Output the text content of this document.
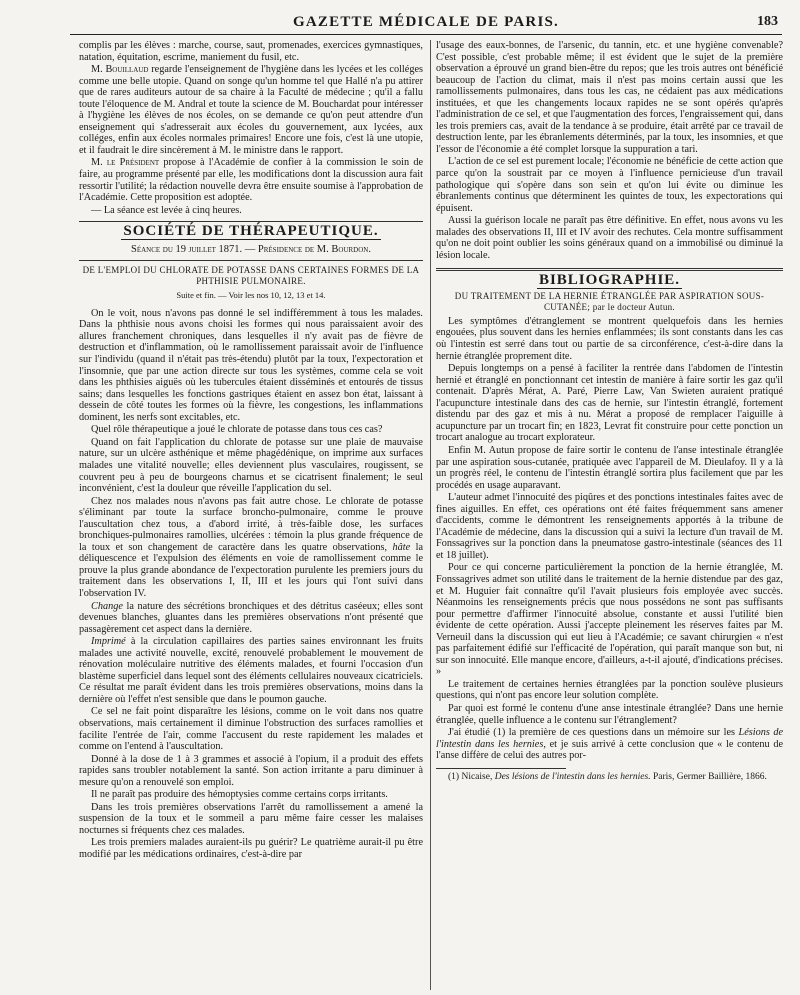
GAZETTE MÉDICALE DE PARIS.	183

complis par les élèves : marche, course, saut, promenades, exercices gymnastiques, natation, équitation, escrime, maniement du fusil, etc.

M. Bouillaud regarde l'enseignement de l'hygiène dans les lycées et les colléges comme une belle utopie. Quand on songe qu'un homme tel que Hallé n'a pu attirer que de rares auditeurs autour de sa chaire à la Faculté de médecine ; qu'il a fallu toute l'éloquence de M. Andral et toute la science de M. Bouchardat pour intéresser à l'hygiène les élèves de nos écoles, on se demande ce qu'on peut attendre d'un enseignement qui s'adresserait aux écoles du gouvernement, aux lycées, aux colléges, enfin aux écoles normales primaires! Encore une fois, c'est là une utopie, et il faudrait le dire sincèrement à M. le ministre dans le rapport.

M. le Président propose à l'Académie de confier à la commission le soin de faire, au programme présenté par elle, les modifications dont la discussion aura fait ressortir l'utilité; la rédaction nouvelle devra être ensuite soumise à l'approbation de l'Académie. Cette proposition est adoptée.

— La séance est levée à cinq heures.

SOCIÉTÉ DE THÉRAPEUTIQUE.
Séance du 19 juillet 1871. — Présidence de M. Bourdon.
DE L'EMPLOI DU CHLORATE DE POTASSE DANS CERTAINES FORMES DE LA PHTHISIE PULMONAIRE.
Suite et fin. — Voir les nos 10, 12, 13 et 14.

On le voit, nous n'avons pas donné le sel indifféremment à tous les malades. Dans la phthisie nous avons choisi les formes qui nous paraissaient avoir des allures franchement chroniques, dans lesquelles il n'y avait pas de fièvre de destruction et d'inflammation, où le ramollissement paraissait avoir de l'influence sur l'individu (quand il n'était pas très-étendu) plutôt par la toux, l'expectoration et l'insomnie, que par une action directe sur tous les systèmes, comme cela se voit dans les phthisies aiguës où les tubercules étaient disséminés et entourés de tissus sains; dans lesquelles les fonctions gastriques étaient en assez bon état, laissant à dessein de côté toutes les formes où la fièvre, les congestions, les inflammations dominent, les nerfs sont excitables, etc.

Quel rôle thérapeutique a joué le chlorate de potasse dans tous ces cas?

Quand on fait l'application du chlorate de potasse sur une plaie de mauvaise nature, sur un ulcère asthénique et même phagédénique, on imprime aux surfaces malades une vitalité nouvelle; elles deviennent plus vasculaires, rougissent, se couvrent peu à peu de bourgeons charnus et se cicatrisent finalement; le seul inconvénient, c'est la douleur que réveille l'application du sel.

Chez nos malades nous n'avons pas fait autre chose. Le chlorate de potasse s'éliminant par toute la surface broncho-pulmonaire, comme le prouve l'auscultation chez tous, a d'abord irrité, à très-faible dose, les surfaces bronchiques-pulmonaires ramollies, ulcérées : témoin la plus grande fréquence de la toux et son changement de caractère dans les quatre observations, hâte la déliquescence et l'expulsion des éléments en voie de ramollissement comme le prouve la plus grande abondance de l'expectoration purulente les premiers jours du traitement dans les observations I, II, III et les jours qui l'ont suivi dans l'observation IV.

Change la nature des sécrétions bronchiques et des détritus caséeux; elles sont devenues blanches, gluantes dans les premières observations n'ont présenté que passagèrement cet aspect dans la dernière.

Imprimé à la circulation capillaires des parties saines environnant les fruits malades une activité nouvelle, excité, renouvelé probablement le mouvement de rénovation moléculaire nutritive des éléments malades, et fourni l'occasion d'un blastème superficiel dans lequel sont des éléments cellulaires nouveaux cicatriciels. Ce résultat me paraît évident dans les trois premières observations, moins dans la dernière où l'effet n'est sensible que dans le poumon gauche.

Ce sel ne fait point disparaître les lésions, comme on le voit dans nos quatre observations, mais certainement il diminue l'obstruction des surfaces ramollies et facilite l'entrée de l'air, comme l'accusent du reste rapidement les malades et comme on l'entend à l'auscultation.

Donné à la dose de 1 à 3 grammes et associé à l'opium, il a produit des effets rapides sans troubler notablement la santé. Son action irritante a paru diminuer à mesure qu'on a renouvelé son emploi.

Il ne paraît pas produire des hémoptysies comme certains corps irritants.

Dans les trois premières observations l'arrêt du ramollissement a amené la suspension de la toux et le sommeil a paru même faire cesser les malaises nocturnes si fréquents chez ces malades.

Les trois premiers malades auraient-ils pu guérir? Le quatrième aurait-il pu être modifié par les médications ordinaires, c'est-à-dire par

l'usage des eaux-bonnes, de l'arsenic, du tannin, etc. et une hygiène convenable? C'est possible, c'est probable même; il est évident que le sujet de la première observation a éprouvé un grand bien-être du repos; que les trois autres ont bénéficié beaucoup de l'action du climat, mais il n'est pas moins certain aussi que les ramollissements pulmonaires, dans tous les cas, ne cédaient pas aux médications instituées, et que les changements locaux rapides ne se sont opérés qu'après l'administration de ce sel, et que l'augmentation des forces, l'engraissement qui, dans les trois premiers cas, avait de la tendance à se produire, était arrêté par ce travail de destruction lente, par les ébranlements déterminés, par la toux, les insomnies, et que l'essor de l'économie a été complet lorsque la suppuration a tari.

L'action de ce sel est purement locale; l'économie ne bénéficie de cette action que parce qu'on la soustrait par ce moyen à l'influence pernicieuse d'un travail pathologique qui s'opère dans son sein et qu'on lui évite ou diminue les ébranlements continus que déterminent les quintes de toux, les expectorations qui épuisent.

Aussi la guérison locale ne paraît pas être définitive. En effet, nous avons vu les malades des observations II, III et IV avoir des rechutes. Cela montre suffisamment qu'on ne doit point oublier les soins généraux quand on a immobilisé ou diminué la lésion locale.

BIBLIOGRAPHIE.
DU TRAITEMENT DE LA HERNIE ÉTRANGLÉE PAR ASPIRATION SOUS-CUTANÉE; par le docteur Autun.

Les symptômes d'étranglement se montrent quelquefois dans les hernies engouées, plus souvent dans les hernies enflammées; ils sont constants dans les cas où l'intestin est serré dans tout ou partie de sa circonférence, c'est-à-dire dans la hernie étranglée proprement dite.

Depuis longtemps on a pensé à faciliter la rentrée dans l'abdomen de l'intestin hernié et étranglé en ponctionnant cet intestin de manière à faire sortir les gaz qu'il contenait. D'après Mérat, A. Paré, Pierre Law, Van Swieten auraient pratiqué l'acupuncture intestinale dans des cas de hernie, sur l'intestin étranglé, fortement distendu par des gaz et mis à nu. Mérat a proposé de remplacer l'aiguille à acupuncture par un trocart fin; en 1823, Levrat fit construire pour cette ponction un trocart analogue au trocart explorateur.

Enfin M. Autun propose de faire sortir le contenu de l'anse intestinale étranglée par une aspiration sous-cutanée, pratiquée avec l'appareil de M. Dieulafoy. Il y a là un progrès réel, le contenu de l'intestin étranglé sortira plus facilement que par les procédés en usage auparavant.

L'auteur admet l'innocuité des piqûres et des ponctions intestinales faites avec de fines aiguilles. En effet, ces opérations ont été faites fréquemment sans amener d'accidents, comme le démontrent les renseignements apportés à la tribune de l'Académie de médecine, dans la discussion qui a suivi la lecture d'un travail de M. Fonssagrives sur la ponction dans la pneumatose gastro-intestinale (séances des 11 et 18 juillet).

Pour ce qui concerne particulièrement la ponction de la hernie étranglée, M. Fonssagrives admet son utilité dans le traitement de la hernie distendue par des gaz, et M. Huguier fait connaître qu'il l'avait plusieurs fois employée avec succès. Néanmoins les renseignements précis que nous possédons ne sont pas suffisants pour permettre d'affirmer l'innocuité absolue, constante et aussi l'utilité bien évidente de cette opération. Aussi j'accepte pleinement les réserves faites par M. Verneuil dans la discussion qui eut lieu à l'Académie; ce savant chirurgien « n'est pas parfaitement édifié sur l'efficacité de l'opération, qui paraît manque son but, ni sur son innocuité. Elle manque encore, d'ailleurs, a-t-il ajouté, d'indications précises. »

Le traitement de certaines hernies étranglées par la ponction soulève plusieurs questions, qui n'ont pas encore leur solution complète.

Par quoi est formé le contenu d'une anse intestinale étranglée? Dans une hernie étranglée, quelle influence a le contenu sur l'étranglement?

J'ai étudié (1) la première de ces questions dans un mémoire sur les Lésions de l'intestin dans les hernies, et je suis arrivé à cette conclusion que « le contenu de l'anse diffère de celui des autres por-

(1) Nicaise, Des lésions de l'intestin dans les hernies. Paris, Germer Baillière, 1866.
